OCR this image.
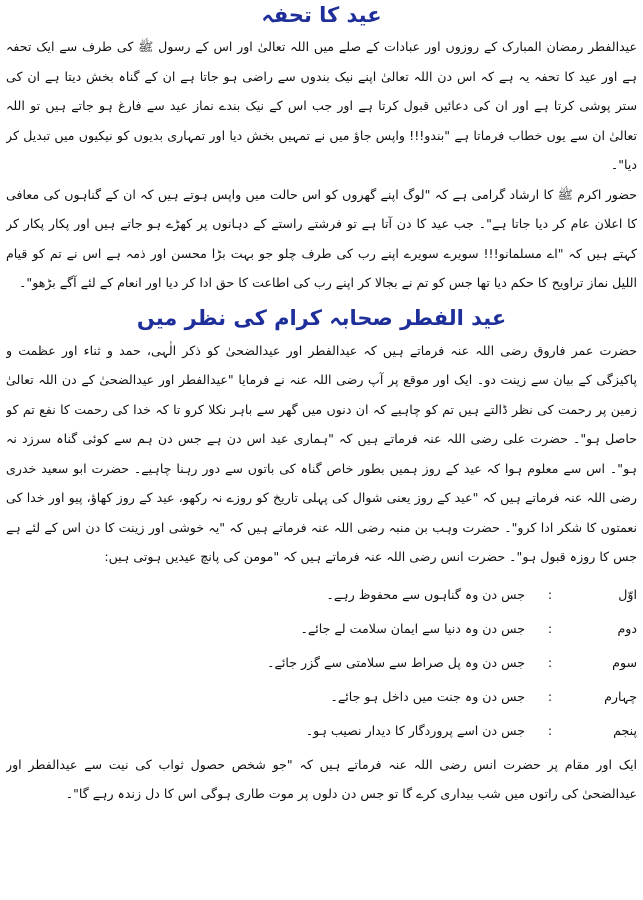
عید کا تحفہ

عیدالفطر رمضان المبارک کے روزوں اور عبادات کے صلے میں اللہ تعالیٰ اور اس کے رسول ﷺ کی طرف سے ایک تحفہ ہے اور عید کا تحفہ یہ ہے کہ اس دن اللہ تعالیٰ اپنے نیک بندوں سے راضی ہو جاتا ہے ان کے گناہ بخش دیتا ہے ان کی ستر پوشی کرتا ہے اور ان کی دعائیں قبول کرتا ہے اور جب اس کے نیک بندے نماز عید سے فارغ ہو جاتے ہیں تو اللہ تعالیٰ ان سے یوں خطاب فرماتا ہے "بندو!!! واپس جاؤ میں نے تمہیں بخش دیا اور تمہاری بدیوں کو نیکیوں میں تبدیل کر دیا"۔

حضور اکرم ﷺ کا ارشاد گرامی ہے کہ "لوگ اپنے گھروں کو اس حالت میں واپس ہوتے ہیں کہ ان کے گناہوں کی معافی کا اعلان عام کر دیا جاتا ہے"۔ جب عید کا دن آتا ہے تو فرشتے راستے کے دہانوں پر کھڑے ہو جاتے ہیں اور پکار پکار کر کہتے ہیں کہ "اے مسلمانو!!! سویرے سویرے اپنے رب کی طرف چلو جو بہت بڑا محسن اور ذمہ ہے اس نے تم کو قیام اللیل نماز تراویح کا حکم دیا تھا جس کو تم نے بجالا کر اپنے رب کی اطاعت کا حق ادا کر دیا اور انعام کے لئے آگے بڑھو"۔

عید الفطر صحابہ کرام کی نظر میں

حضرت عمر فاروق رضی اللہ عنہ فرماتے ہیں کہ عیدالفطر اور عیدالضحیٰ کو ذکر الٰہی، حمد و ثناء اور عظمت و پاکیزگی کے بیان سے زینت دو۔ ایک اور موقع پر آپ رضی اللہ عنہ نے فرمایا "عیدالفطر اور عیدالضحیٰ کے دن اللہ تعالیٰ زمین پر رحمت کی نظر ڈالتے ہیں تم کو چاہیے کہ ان دنوں میں گھر سے باہر نکلا کرو تا کہ خدا کی رحمت کا نفع تم کو حاصل ہو"۔ حضرت علی رضی اللہ عنہ فرماتے ہیں کہ "ہماری عید اس دن ہے جس دن ہم سے کوئی گناہ سرزد نہ ہو"۔ اس سے معلوم ہوا کہ عید کے روز ہمیں بطور خاص گناہ کی باتوں سے دور رہنا چاہیے۔ حضرت ابو سعید خدری رضی اللہ عنہ فرماتے ہیں کہ "عید کے روز یعنی شوال کی پہلی تاریخ کو روزے نہ رکھو، عید کے روز کھاؤ، پیو اور خدا کی نعمتوں کا شکر ادا کرو"۔ حضرت وہب بن منبہ رضی اللہ عنہ فرماتے ہیں کہ "یہ خوشی اور زینت کا دن اس کے لئے ہے جس کا روزہ قبول ہو"۔ حضرت انس رضی اللہ عنہ فرماتے ہیں کہ "مومن کی پانچ عیدیں ہوتی ہیں:

اوّل
:
جس دن وہ گناہوں سے محفوظ رہے۔
دوم
:
جس دن وہ دنیا سے ایمان سلامت لے جائے۔
سوم
:
جس دن وہ پل صراط سے سلامتی سے گزر جائے۔
چہارم
:
جس دن وہ جنت میں داخل ہو جائے۔
پنجم
:
جس دن اسے پروردگار کا دیدار نصیب ہو۔

ایک اور مقام پر حضرت انس رضی اللہ عنہ فرماتے ہیں کہ "جو شخص حصول ثواب کی نیت سے عیدالفطر اور عیدالضحیٰ کی راتوں میں شب بیداری کرے گا تو جس دن دلوں پر موت طاری ہوگی اس کا دل زندہ رہے گا"۔
